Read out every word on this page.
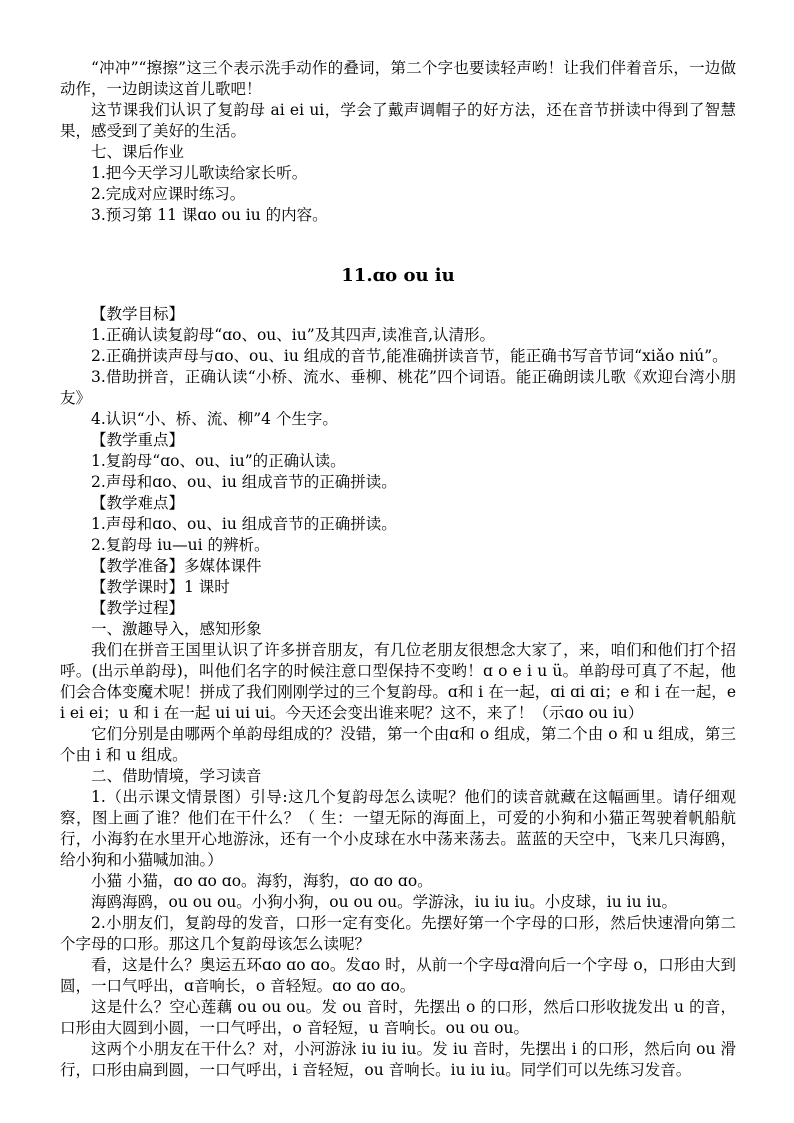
“冲冲”“擦擦”这三个表示洗手动作的叠词，第二个字也要读轻声哟！让我们伴着音乐，一边做动作，一边朗读这首儿歌吧！

这节课我们认识了复韵母 ai ei ui，学会了戴声调帽子的好方法，还在音节拼读中得到了智慧果，感受到了美好的生活。

七、课后作业

1.把今天学习儿歌读给家长听。

2.完成对应课时练习。

3.预习第 11 课ɑo ou iu 的内容。

11.ɑo ou iu

【教学目标】

1.正确认读复韵母“ɑo、ou、iu”及其四声,读准音,认清形。

2.正确拼读声母与ɑo、ou、iu 组成的音节,能准确拼读音节，能正确书写音节词“xiǎo niú”。

3.借助拼音，正确认读“小桥、流水、垂柳、桃花”四个词语。能正确朗读儿歌《欢迎台湾小朋友》

4.认识“小、桥、流、柳”4 个生字。

【教学重点】

1.复韵母“ɑo、ou、iu”的正确认读。

2.声母和ɑo、ou、iu 组成音节的正确拼读。

【教学难点】

1.声母和ɑo、ou、iu 组成音节的正确拼读。

2.复韵母 iu—ui 的辨析。

【教学准备】多媒体课件

【教学课时】1 课时

【教学过程】

一、激趣导入，感知形象

我们在拼音王国里认识了许多拼音朋友，有几位老朋友很想念大家了，来，咱们和他们打个招呼。(出示单韵母)，叫他们名字的时候注意口型保持不变哟！ɑ o e i u ü。单韵母可真了不起，他们会合体变魔术呢！拼成了我们刚刚学过的三个复韵母。ɑ和 i 在一起，ɑi ɑi ɑi；e 和 i 在一起，ei ei ei；u 和 i 在一起 ui ui ui。今天还会变出谁来呢？这不，来了！（示ɑo ou iu）

它们分别是由哪两个单韵母组成的？没错，第一个由ɑ和 o 组成，第二个由 o 和 u 组成，第三个由 i 和 u 组成。

二、借助情境，学习读音

1.（出示课文情景图）引导:这几个复韵母怎么读呢？他们的读音就藏在这幅画里。请仔细观察，图上画了谁？他们在干什么？（ 生：一望无际的海面上，可爱的小狗和小猫正驾驶着帆船航行，小海豹在水里开心地游泳，还有一个小皮球在水中荡来荡去。蓝蓝的天空中，飞来几只海鸥，给小狗和小猫喊加油。）

小猫 小猫，ɑo ɑo ɑo。海豹，海豹，ɑo ɑo ɑo。

海鸥海鸥，ou ou ou。小狗小狗，ou ou ou。学游泳，iu iu iu。小皮球，iu iu iu。

2.小朋友们，复韵母的发音，口形一定有变化。先摆好第一个字母的口形，然后快速滑向第二个字母的口形。那这几个复韵母该怎么读呢？

看，这是什么？奥运五环ɑo ɑo ɑo。发ɑo 时，从前一个字母ɑ滑向后一个字母 o，口形由大到圆，一口气呼出，ɑ音响长，o 音轻短。ɑo ɑo ɑo。

这是什么？空心莲藕 ou ou ou。发 ou 音时，先摆出 o 的口形，然后口形收拢发出 u 的音，口形由大圆到小圆，一口气呼出，o 音轻短，u 音响长。ou ou ou。

这两个小朋友在干什么？对，小河游泳 iu iu iu。发 iu 音时，先摆出 i 的口形，然后向 ou 滑行，口形由扁到圆，一口气呼出，i 音轻短，ou 音响长。iu iu iu。同学们可以先练习发音。
